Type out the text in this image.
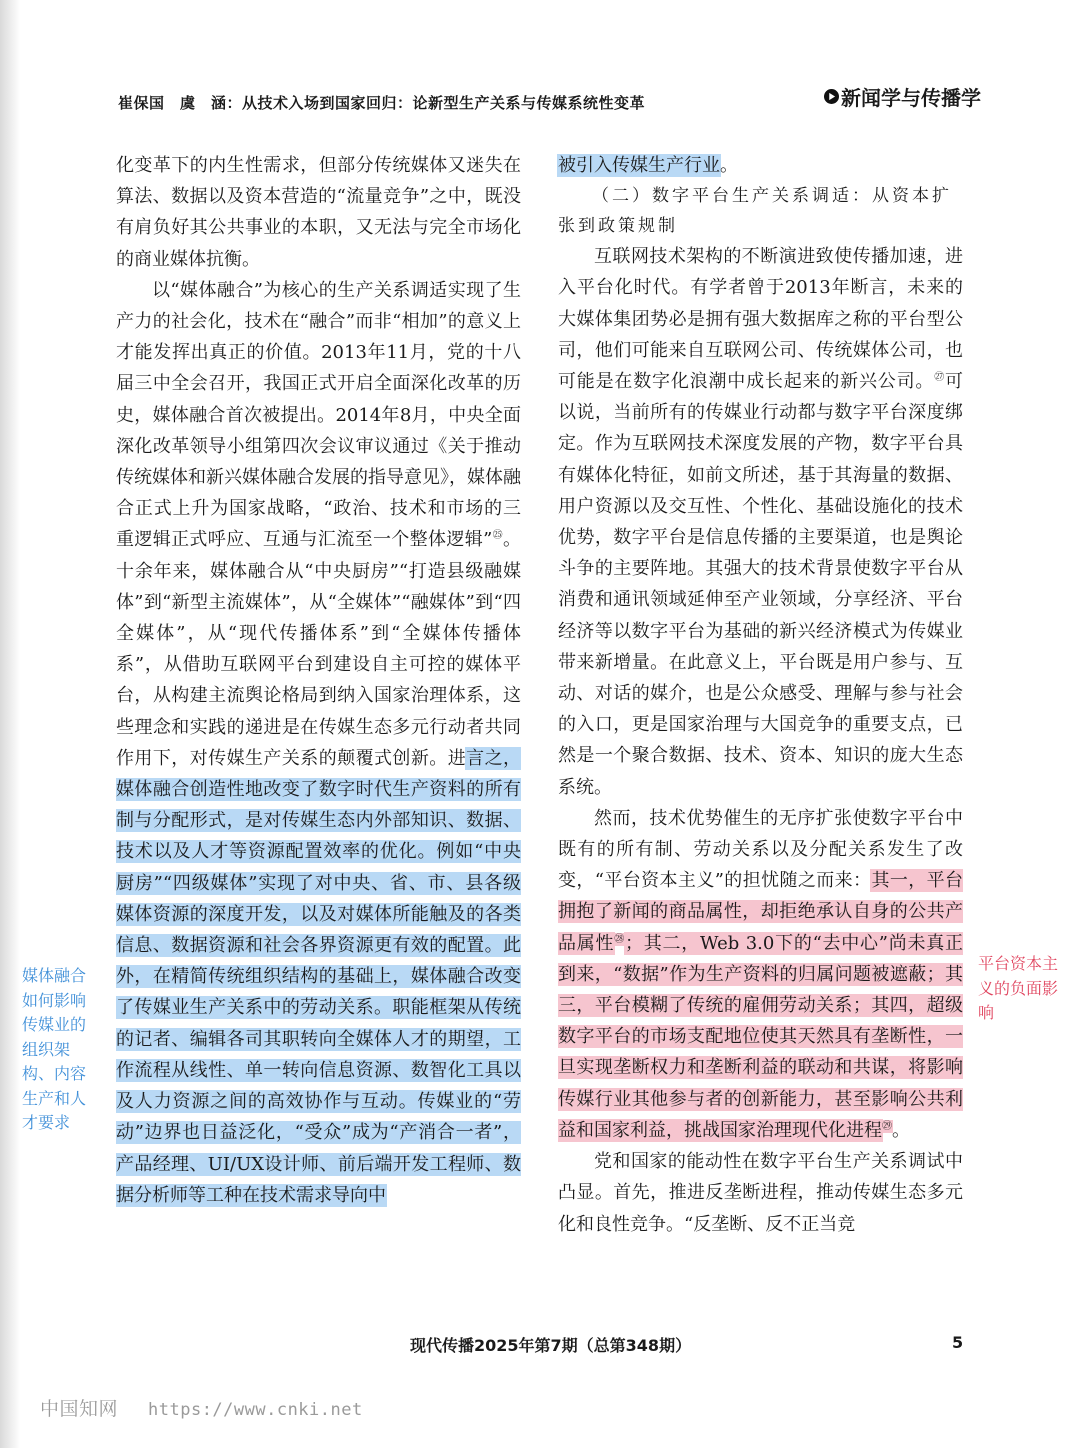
崔保国　虞　涵：从技术入场到国家回归：论新型生产关系与传媒系统性变革	新闻学与传播学

化变革下的内生性需求，但部分传统媒体又迷失在算法、数据以及资本营造的“流量竞争”之中，既没有肩负好其公共事业的本职，又无法与完全市场化的商业媒体抗衡。

以“媒体融合”为核心的生产关系调适实现了生产力的社会化，技术在“融合”而非“相加”的意义上才能发挥出真正的价值。2013年11月，党的十八届三中全会召开，我国正式开启全面深化改革的历史，媒体融合首次被提出。2014年8月，中央全面深化改革领导小组第四次会议审议通过《关于推动传统媒体和新兴媒体融合发展的指导意见》，媒体融合正式上升为国家战略，“政治、技术和市场的三重逻辑正式呼应、互通与汇流至一个整体逻辑”$^㉕$。十余年来，媒体融合从“中央厨房”“打造县级融媒体”到“新型主流媒体”，从“全媒体”“融媒体”到“四全媒体”，从“现代传播体系”到“全媒体传播体系”，从借助互联网平台到建设自主可控的媒体平台，从构建主流舆论格局到纳入国家治理体系，这些理念和实践的递进是在传媒生态多元行动者共同作用下，对传媒生产关系的颠覆式创新。进言之，媒体融合创造性地改变了数字时代生产资料的所有制与分配形式，是对传媒生态内外部知识、数据、技术以及人才等资源配置效率的优化。例如“中央厨房”“四级媒体”实现了对中央、省、市、县各级媒体资源的深度开发，以及对媒体所能触及的各类信息、数据资源和社会各界资源更有效的配置。此外，在精简传统组织结构的基础上，媒体融合改变了传媒业生产关系中的劳动关系。职能框架从传统的记者、编辑各司其职转向全媒体人才的期望，工作流程从线性、单一转向信息资源、数智化工具以及人力资源之间的高效协作与互动。传媒业的“劳动”边界也日益泛化，“受众”成为“产消合一者”，产品经理、UI/UX设计师、前后端开发工程师、数据分析师等工种在技术需求导向中

被引入传媒生产行业。

（二）数字平台生产关系调适：从资本扩张到政策规制

互联网技术架构的不断演进致使传播加速，进入平台化时代。有学者曾于2013年断言，未来的大媒体集团势必是拥有强大数据库之称的平台型公司，他们可能来自互联网公司、传统媒体公司，也可能是在数字化浪潮中成长起来的新兴公司。$^㉗$可以说，当前所有的传媒业行动都与数字平台深度绑定。作为互联网技术深度发展的产物，数字平台具有媒体化特征，如前文所述，基于其海量的数据、用户资源以及交互性、个性化、基础设施化的技术优势，数字平台是信息传播的主要渠道，也是舆论斗争的主要阵地。其强大的技术背景使数字平台从消费和通讯领域延伸至产业领域，分享经济、平台经济等以数字平台为基础的新兴经济模式为传媒业带来新增量。在此意义上，平台既是用户参与、互动、对话的媒介，也是公众感受、理解与参与社会的入口，更是国家治理与大国竞争的重要支点，已然是一个聚合数据、技术、资本、知识的庞大生态系统。

然而，技术优势催生的无序扩张使数字平台中既有的所有制、劳动关系以及分配关系发生了改变，“平台资本主义”的担忧随之而来：其一，平台拥抱了新闻的商品属性，却拒绝承认自身的公共产品属性$^㉘$；其二，Web 3.0下的“去中心”尚未真正到来，“数据”作为生产资料的归属问题被遮蔽；其三，平台模糊了传统的雇佣劳动关系；其四，超级数字平台的市场支配地位使其天然具有垄断性，一旦实现垄断权力和垄断利益的联动和共谋，将影响传媒行业其他参与者的创新能力，甚至影响公共利益和国家利益，挑战国家治理现代化进程$^㉙$。

党和国家的能动性在数字平台生产关系调试中凸显。首先，推进反垄断进程，推动传媒生态多元化和良性竞争。“反垄断、反不正当竞

媒体融合如何影响传媒业的组织架构、内容生产和人才要求
平台资本主义的负面影响
现代传播2025年第7期（总第348期）	5
中国知网 https://www.cnki.net
